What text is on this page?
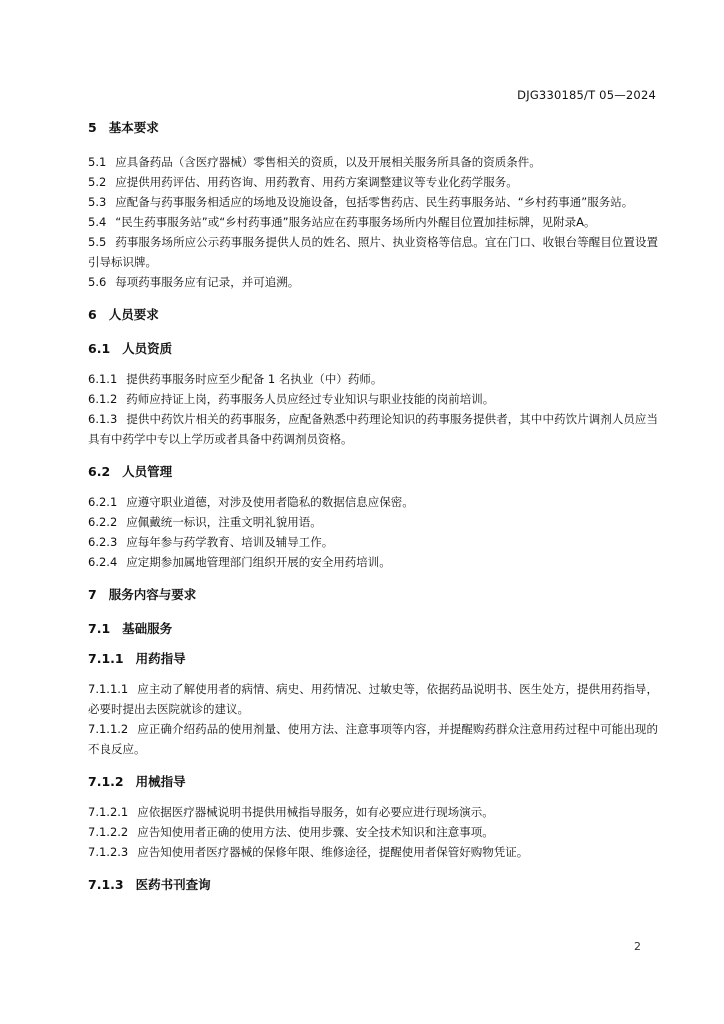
DJG330185/T 05—2024
5 基本要求

5.1 应具备药品（含医疗器械）零售相关的资质，以及开展相关服务所具备的资质条件。

5.2 应提供用药评估、用药咨询、用药教育、用药方案调整建议等专业化药学服务。

5.3 应配备与药事服务相适应的场地及设施设备，包括零售药店、民生药事服务站、“乡村药事通”服务站。

5.4 “民生药事服务站”或“乡村药事通”服务站应在药事服务场所内外醒目位置加挂标牌，见附录A。

5.5 药事服务场所应公示药事服务提供人员的姓名、照片、执业资格等信息。宜在门口、收银台等醒目位置设置引导标识牌。

5.6 每项药事服务应有记录，并可追溯。

6 人员要求
6.1 人员资质

6.1.1 提供药事服务时应至少配备 1 名执业（中）药师。

6.1.2 药师应持证上岗，药事服务人员应经过专业知识与职业技能的岗前培训。

6.1.3 提供中药饮片相关的药事服务，应配备熟悉中药理论知识的药事服务提供者，其中中药饮片调剂人员应当具有中药学中专以上学历或者具备中药调剂员资格。

6.2 人员管理

6.2.1 应遵守职业道德，对涉及使用者隐私的数据信息应保密。

6.2.2 应佩戴统一标识，注重文明礼貌用语。

6.2.3 应每年参与药学教育、培训及辅导工作。

6.2.4 应定期参加属地管理部门组织开展的安全用药培训。

7 服务内容与要求
7.1 基础服务
7.1.1 用药指导

7.1.1.1 应主动了解使用者的病情、病史、用药情况、过敏史等，依据药品说明书、医生处方，提供用药指导，必要时提出去医院就诊的建议。

7.1.1.2 应正确介绍药品的使用剂量、使用方法、注意事项等内容，并提醒购药群众注意用药过程中可能出现的不良反应。

7.1.2 用械指导

7.1.2.1 应依据医疗器械说明书提供用械指导服务，如有必要应进行现场演示。

7.1.2.2 应告知使用者正确的使用方法、使用步骤、安全技术知识和注意事项。

7.1.2.3 应告知使用者医疗器械的保修年限、维修途径，提醒使用者保管好购物凭证。

7.1.3 医药书刊查询
2
